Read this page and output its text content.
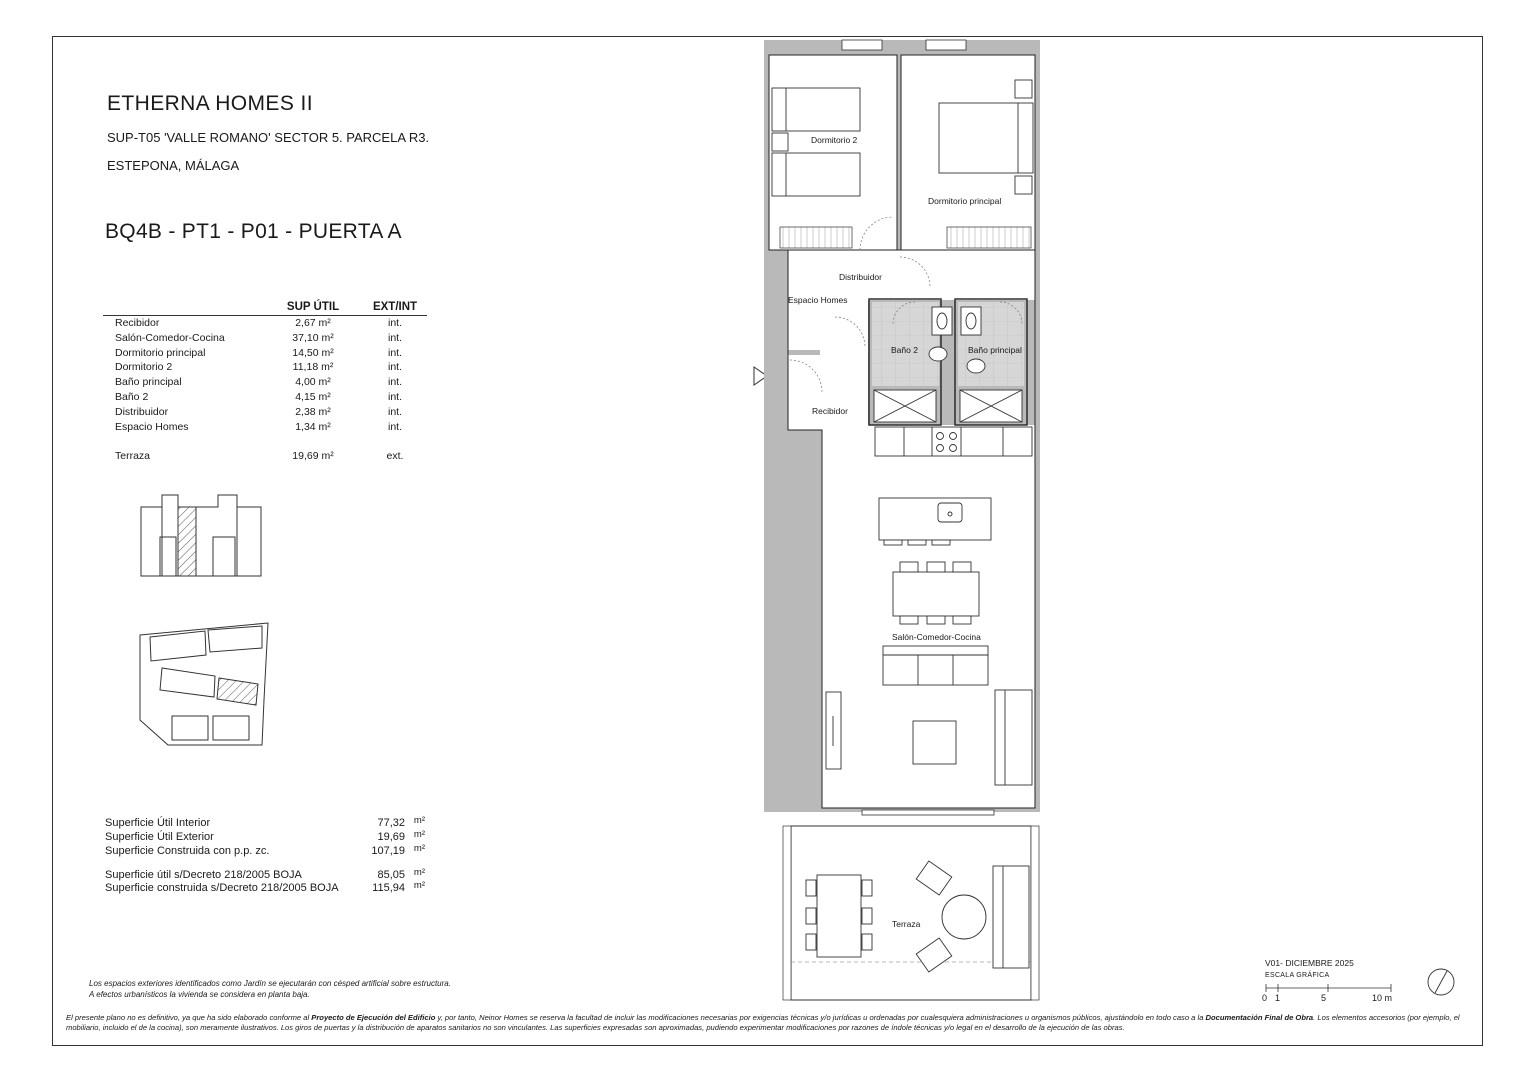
ETHERNA HOMES II
SUP-T05 'VALLE ROMANO' SECTOR 5. PARCELA R3.
ESTEPONA, MÁLAGA
BQ4B - PT1 - P01 - PUERTA A
	SUP ÚTIL	EXT/INT
Recibidor	2,67 m²	int.
Salón-Comedor-Cocina	37,10 m²	int.
Dormitorio principal	14,50 m²	int.
Dormitorio 2	11,18 m²	int.
Baño principal	4,00 m²	int.
Baño 2	4,15 m²	int.
Distribuidor	2,38 m²	int.
Espacio Homes	1,34 m²	int.

Terraza	19,69 m²	ext.
Superficie Útil Interior	77,32 m²
Superficie Útil Exterior	19,69 m²
Superficie Construida con p.p. zc.	107,19 m²
Superficie útil s/Decreto 218/2005 BOJA	85,05 m²
Superficie construida s/Decreto 218/2005 BOJA	115,94 m²
Los espacios exteriores identificados como Jardín se ejecutarán con césped artificial sobre estructura.
A efectos urbanísticos la vivienda se considera en planta baja.
El presente plano no es definitivo, ya que ha sido elaborado conforme al Proyecto de Ejecución del Edificio y, por tanto, Neinor Homes se reserva la facultad de incluir las modificaciones necesarias por exigencias técnicas y/o jurídicas u ordenadas por cualesquiera administraciones u organismos públicos, ajustándolo en todo caso a la Documentación Final de Obra. Los elementos accesorios (por ejemplo, el mobiliario, incluido el de la cocina), son meramente ilustrativos. Los giros de puertas y la distribución de aparatos sanitarios no son vinculantes. Las superficies expresadas son aproximadas, pudiendo experimentar modificaciones por razones de índole técnicas y/o legal en el desarrollo de la ejecución de las obras.
V01- DICIEMBRE 2025
ESCALA GRÁFICA
0 1	5	10 m
Dormitorio 2
Dormitorio principal
Distribuidor
Espacio Homes
Baño 2	Baño principal
Recibidor
Salón-Comedor-Cocina
Terraza
